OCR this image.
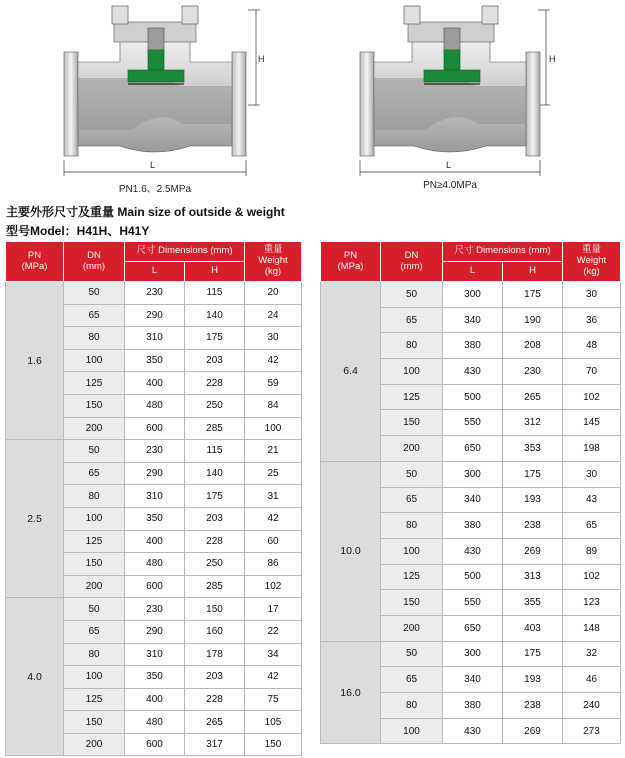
H
L
PN1.6、2.5MPa
H
L
PN≥4.0MPa
主要外形尺寸及重量 Main size of outside & weight
型号Model：H41H、H41Y
PN
(MPa)	DN
(mm)	尺寸 Dimensions (mm)		重量
Weight
(kg)
		L	H	
1.6	50	230	115	20
	65	290	140	24
	80	310	175	30
	100	350	203	42
	125	400	228	59
	150	480	250	84
	200	600	285	100
2.5	50	230	115	21
	65	290	140	25
	80	310	175	31
	100	350	203	42
	125	400	228	60
	150	480	250	86
	200	600	285	102
4.0	50	230	150	17
	65	290	160	22
	80	310	178	34
	100	350	203	42
	125	400	228	75
	150	480	265	105
	200	600	317	150
PN
(MPa)	DN
(mm)	尺寸 Dimensions (mm)		重量
Weight
(kg)
		L	H	
6.4	50	300	175	30
	65	340	190	36
	80	380	208	48
	100	430	230	70
	125	500	265	102
	150	550	312	145
	200	650	353	198
10.0	50	300	175	30
	65	340	193	43
	80	380	238	65
	100	430	269	89
	125	500	313	102
	150	550	355	123
	200	650	403	148
16.0	50	300	175	32
	65	340	193	46
	80	380	238	240
	100	430	269	273
